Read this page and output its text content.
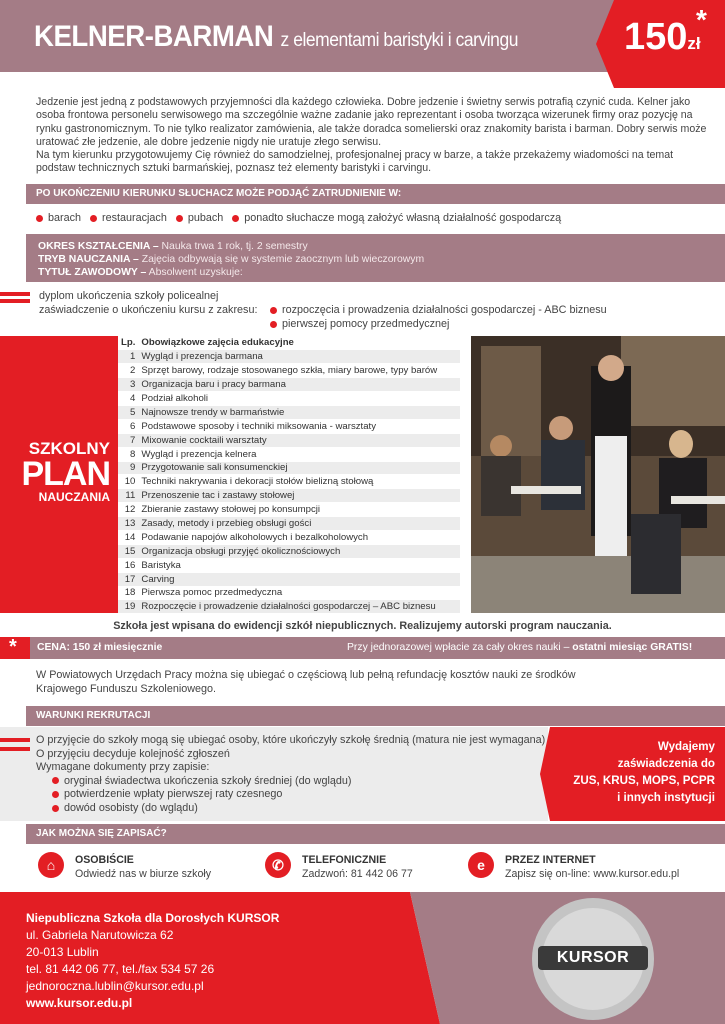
KELNER-BARMAN z elementami baristyki i carvingu	150zł
*

Jedzenie jest jedną z podstawowych przyjemności dla każdego człowieka. Dobre jedzenie i świetny serwis potrafią czynić cuda. Kelner jako osoba frontowa personelu serwisowego ma szczególnie ważne zadanie jako reprezentant i osoba tworząca wizerunek firmy oraz pozycję na rynku gastronomicznym. To nie tylko realizator zamówienia, ale także doradca somelierski oraz znakomity barista i barman. Dobry serwis może uratować złe jedzenie, ale dobre jedzenie nigdy nie uratuje złego serwisu.

Na tym kierunku przygotowujemy Cię również do samodzielnej, profesjonalnej pracy w barze, a także przekażemy wiadomości na temat podstaw technicznych sztuki barmańskiej, poznasz też elementy baristyki i carvingu.

PO UKOŃCZENIU KIERUNKU SŁUCHACZ MOŻE PODJĄĆ ZATRUDNIENIE W:
barach restauracjach pubach ponadto słuchacze mogą założyć własną działalność gospodarczą
OKRES KSZTAŁCENIA – Nauka trwa 1 rok, tj. 2 semestry
TRYB NAUCZANIA – Zajęcia odbywają się w systemie zaocznym lub wieczorowym
TYTUŁ ZAWODOWY – Absolwent uzyskuje:
dyplom ukończenia szkoły policealnej
zaświadczenie o ukończeniu kursu z zakresu:	rozpoczęcia i prowadzenia działalności gospodarczej - ABC biznesu
pierwszej pomocy przedmedycznej
SZKOLNY
PLAN
NAUCZANIA
Lp.	Obowiązkowe zajęcia edukacyjne
1	Wygląd i prezencja barmana
2	Sprzęt barowy, rodzaje stosowanego szkła, miary barowe, typy barów
3	Organizacja baru i pracy barmana
4	Podział alkoholi
5	Najnowsze trendy w barmaństwie
6	Podstawowe sposoby i techniki miksowania - warsztaty
7	Mixowanie cocktaili warsztaty
8	Wygląd i prezencja kelnera
9	Przygotowanie sali konsumenckiej
10	Techniki nakrywania i dekoracji stołów bielizną stołową
11	Przenoszenie tac i zastawy stołowej
12	Zbieranie zastawy stołowej po konsumpcji
13	Zasady, metody i przebieg obsługi gości
14	Podawanie napojów alkoholowych i bezalkoholowych
15	Organizacja obsługi przyjęć okolicznościowych
16	Baristyka
17	Carving
18	Pierwsza pomoc przedmedyczna
19	Rozpoczęcie i prowadzenie działalności gospodarczej – ABC biznesu
Szkoła jest wpisana do ewidencji szkół niepublicznych. Realizujemy autorski program nauczania.
* CENA: 150 zł miesięcznie	Przy jednorazowej wpłacie za cały okres nauki – ostatni miesiąc GRATIS!
W Powiatowych Urzędach Pracy można się ubiegać o częściową lub pełną refundację kosztów nauki ze środków Krajowego Funduszu Szkoleniowego.
WARUNKI REKRUTACJI
O przyjęcie do szkoły mogą się ubiegać osoby, które ukończyły szkołę średnią (matura nie jest wymagana)
O przyjęciu decyduje kolejność zgłoszeń
Wymagane dokumenty przy zapisie:
oryginał świadectwa ukończenia szkoły średniej (do wglądu)
potwierdzenie wpłaty pierwszej raty czesnego
dowód osobisty (do wglądu)
Wydajemy
zaświadczenia do
ZUS, KRUS, MOPS, PCPR
i innych instytucji
JAK MOŻNA SIĘ ZAPISAĆ?
⌂	OSOBIŚCIE
Odwiedź nas w biurze szkoły
✆	TELEFONICZNIE
Zadzwoń: 81 442 06 77
e	PRZEZ INTERNET
Zapisz się on-line: www.kursor.edu.pl
Niepubliczna Szkoła dla Dorosłych KURSOR
ul. Gabriela Narutowicza 62
20-013 Lublin
tel. 81 442 06 77, tel./fax 534 57 26
jednoroczna.lublin@kursor.edu.pl
www.kursor.edu.pl
KURSOR
